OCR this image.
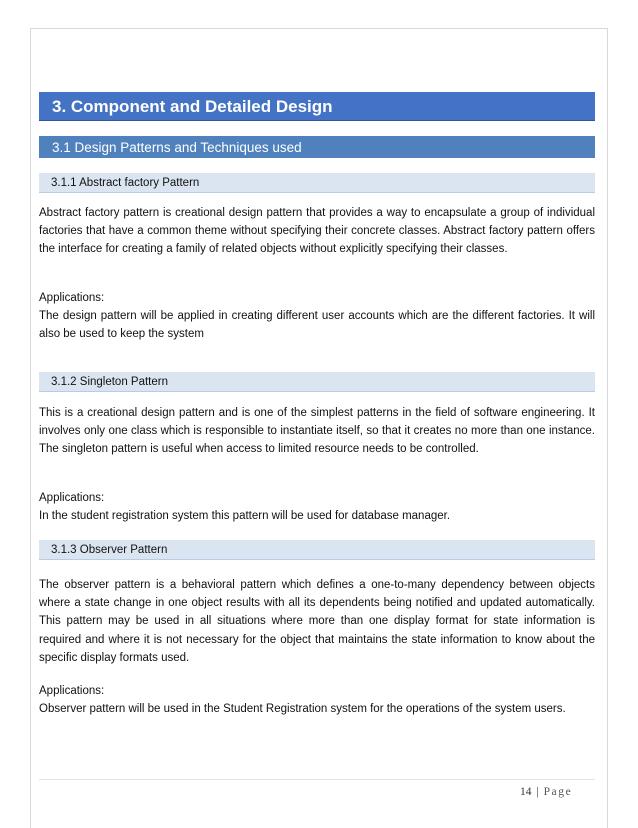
3. Component and Detailed Design
3.1 Design Patterns and Techniques used
3.1.1 Abstract factory Pattern

Abstract factory pattern is creational design pattern that provides a way to encapsulate a group of individual factories that have a common theme without specifying their concrete classes. Abstract factory pattern offers the interface for creating a family of related objects without explicitly specifying their classes.

Applications:

The design pattern will be applied in creating different user accounts which are the different factories. It will also be used to keep the system

3.1.2 Singleton Pattern

This is a creational design pattern and is one of the simplest patterns in the field of software engineering. It involves only one class which is responsible to instantiate itself, so that it creates no more than one instance. The singleton pattern is useful when access to limited resource needs to be controlled.

Applications:

In the student registration system this pattern will be used for database manager.

3.1.3 Observer Pattern

The observer pattern is a behavioral pattern which defines a one-to-many dependency between objects where a state change in one object results with all its dependents being notified and updated automatically. This pattern may be used in all situations where more than one display format for state information is required and where it is not necessary for the object that maintains the state information to know about the specific display formats used.

Applications:

Observer pattern will be used in the Student Registration system for the operations of the system users.

14 | Page
